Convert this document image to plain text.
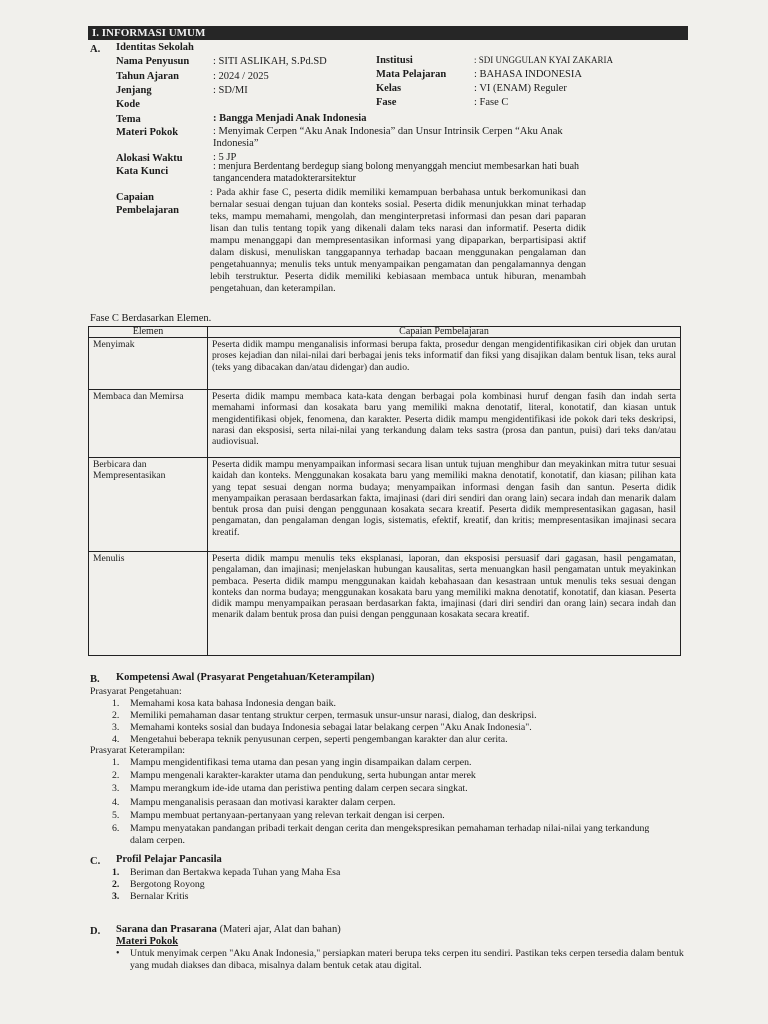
I. INFORMASI UMUM
A. Identitas Sekolah
Nama Penyusun : SITI ASLIKAH, S.Pd.SD
Tahun Ajaran	: 2024 / 2025
Jenjang	: SD/MI
Kode
Institusi	: SDI UNGGULAN KYAI ZAKARIA
Mata Pelajaran	: BAHASA INDONESIA
Kelas	: VI (ENAM) Reguler
Fase	: Fase C
Tema	: Bangga Menjadi Anak Indonesia
Materi Pokok	: Menyimak Cerpen “Aku Anak Indonesia” dan Unsur Intrinsik Cerpen “Aku Anak Indonesia”
Alokasi Waktu	: 5 JP
Kata Kunci	: menjura Berdentang berdegup siang bolong menyanggah menciut membesarkan hati buah tangancendera matadokterarsitektur
Capaian
Pembelajaran
: Pada akhir fase C, peserta didik memiliki kemampuan berbahasa untuk berkomunikasi dan bernalar sesuai dengan tujuan dan konteks sosial. Peserta didik menunjukkan minat terhadap teks, mampu memahami, mengolah, dan menginterpretasi informasi dan pesan dari paparan lisan dan tulis tentang topik yang dikenali dalam teks narasi dan informatif. Peserta didik mampu menanggapi dan mempresentasikan informasi yang dipaparkan, berpartisipasi aktif dalam diskusi, menuliskan tanggapannya terhadap bacaan menggunakan pengalaman dan pengetahuannya; menulis teks untuk menyampaikan pengamatan dan pengalamannya dengan lebih terstruktur. Peserta didik memiliki kebiasaan membaca untuk hiburan, menambah pengetahuan, dan keterampilan.
Fase C Berdasarkan Elemen.
Elemen	Capaian Pembelajaran
Menyimak	Peserta didik mampu menganalisis informasi berupa fakta, prosedur dengan mengidentifikasikan ciri objek dan urutan proses kejadian dan nilai-nilai dari berbagai jenis teks informatif dan fiksi yang disajikan dalam bentuk lisan, teks aural (teks yang dibacakan dan/atau didengar) dan audio.
Membaca dan Memirsa	Peserta didik mampu membaca kata-kata dengan berbagai pola kombinasi huruf dengan fasih dan indah serta memahami informasi dan kosakata baru yang memiliki makna denotatif, literal, konotatif, dan kiasan untuk mengidentifikasi objek, fenomena, dan karakter. Peserta didik mampu mengidentifikasi ide pokok dari teks deskripsi, narasi dan eksposisi, serta nilai-nilai yang terkandung dalam teks sastra (prosa dan pantun, puisi) dari teks dan/atau audiovisual.
Berbicara dan Mempresentasikan	Peserta didik mampu menyampaikan informasi secara lisan untuk tujuan menghibur dan meyakinkan mitra tutur sesuai kaidah dan konteks. Menggunakan kosakata baru yang memiliki makna denotatif, konotatif, dan kiasan; pilihan kata yang tepat sesuai dengan norma budaya; menyampaikan informasi dengan fasih dan santun. Peserta didik menyampaikan perasaan berdasarkan fakta, imajinasi (dari diri sendiri dan orang lain) secara indah dan menarik dalam bentuk prosa dan puisi dengan penggunaan kosakata secara kreatif. Peserta didik mempresentasikan gagasan, hasil pengamatan, dan pengalaman dengan logis, sistematis, efektif, kreatif, dan kritis; mempresentasikan imajinasi secara kreatif.
Menulis	Peserta didik mampu menulis teks eksplanasi, laporan, dan eksposisi persuasif dari gagasan, hasil pengamatan, pengalaman, dan imajinasi; menjelaskan hubungan kausalitas, serta menuangkan hasil pengamatan untuk meyakinkan pembaca. Peserta didik mampu menggunakan kaidah kebahasaan dan kesastraan untuk menulis teks sesuai dengan konteks dan norma budaya; menggunakan kosakata baru yang memiliki makna denotatif, konotatif, dan kiasan. Peserta didik mampu menyampaikan perasaan berdasarkan fakta, imajinasi (dari diri sendiri dan orang lain) secara indah dan menarik dalam bentuk prosa dan puisi dengan penggunaan kosakata secara kreatif.
B. Kompetensi Awal (Prasyarat Pengetahuan/Keterampilan)
Prasyarat Pengetahuan:
1. Memahami kosa kata bahasa Indonesia dengan baik.
2. Memiliki pemahaman dasar tentang struktur cerpen, termasuk unsur-unsur narasi, dialog, dan deskripsi.
3. Memahami konteks sosial dan budaya Indonesia sebagai latar belakang cerpen "Aku Anak Indonesia".
4. Mengetahui beberapa teknik penyusunan cerpen, seperti pengembangan karakter dan alur cerita.
Prasyarat Keterampilan:
1. Mampu mengidentifikasi tema utama dan pesan yang ingin disampaikan dalam cerpen.
2. Mampu mengenali karakter-karakter utama dan pendukung, serta hubungan antar merek
3. Mampu merangkum ide-ide utama dan peristiwa penting dalam cerpen secara singkat.
4. Mampu menganalisis perasaan dan motivasi karakter dalam cerpen.
5. Mampu membuat pertanyaan-pertanyaan yang relevan terkait dengan isi cerpen.
6. Mampu menyatakan pandangan pribadi terkait dengan cerita dan mengekspresikan pemahaman terhadap nilai-nilai yang terkandung dalam cerpen.
C. Profil Pelajar Pancasila
1. Beriman dan Bertakwa kepada Tuhan yang Maha Esa
2. Bergotong Royong
3. Bernalar Kritis
D. Sarana dan Prasarana (Materi ajar, Alat dan bahan)
Materi Pokok
• Untuk menyimak cerpen "Aku Anak Indonesia," persiapkan materi berupa teks cerpen itu sendiri. Pastikan teks cerpen tersedia dalam bentuk yang mudah diakses dan dibaca, misalnya dalam bentuk cetak atau digital.
